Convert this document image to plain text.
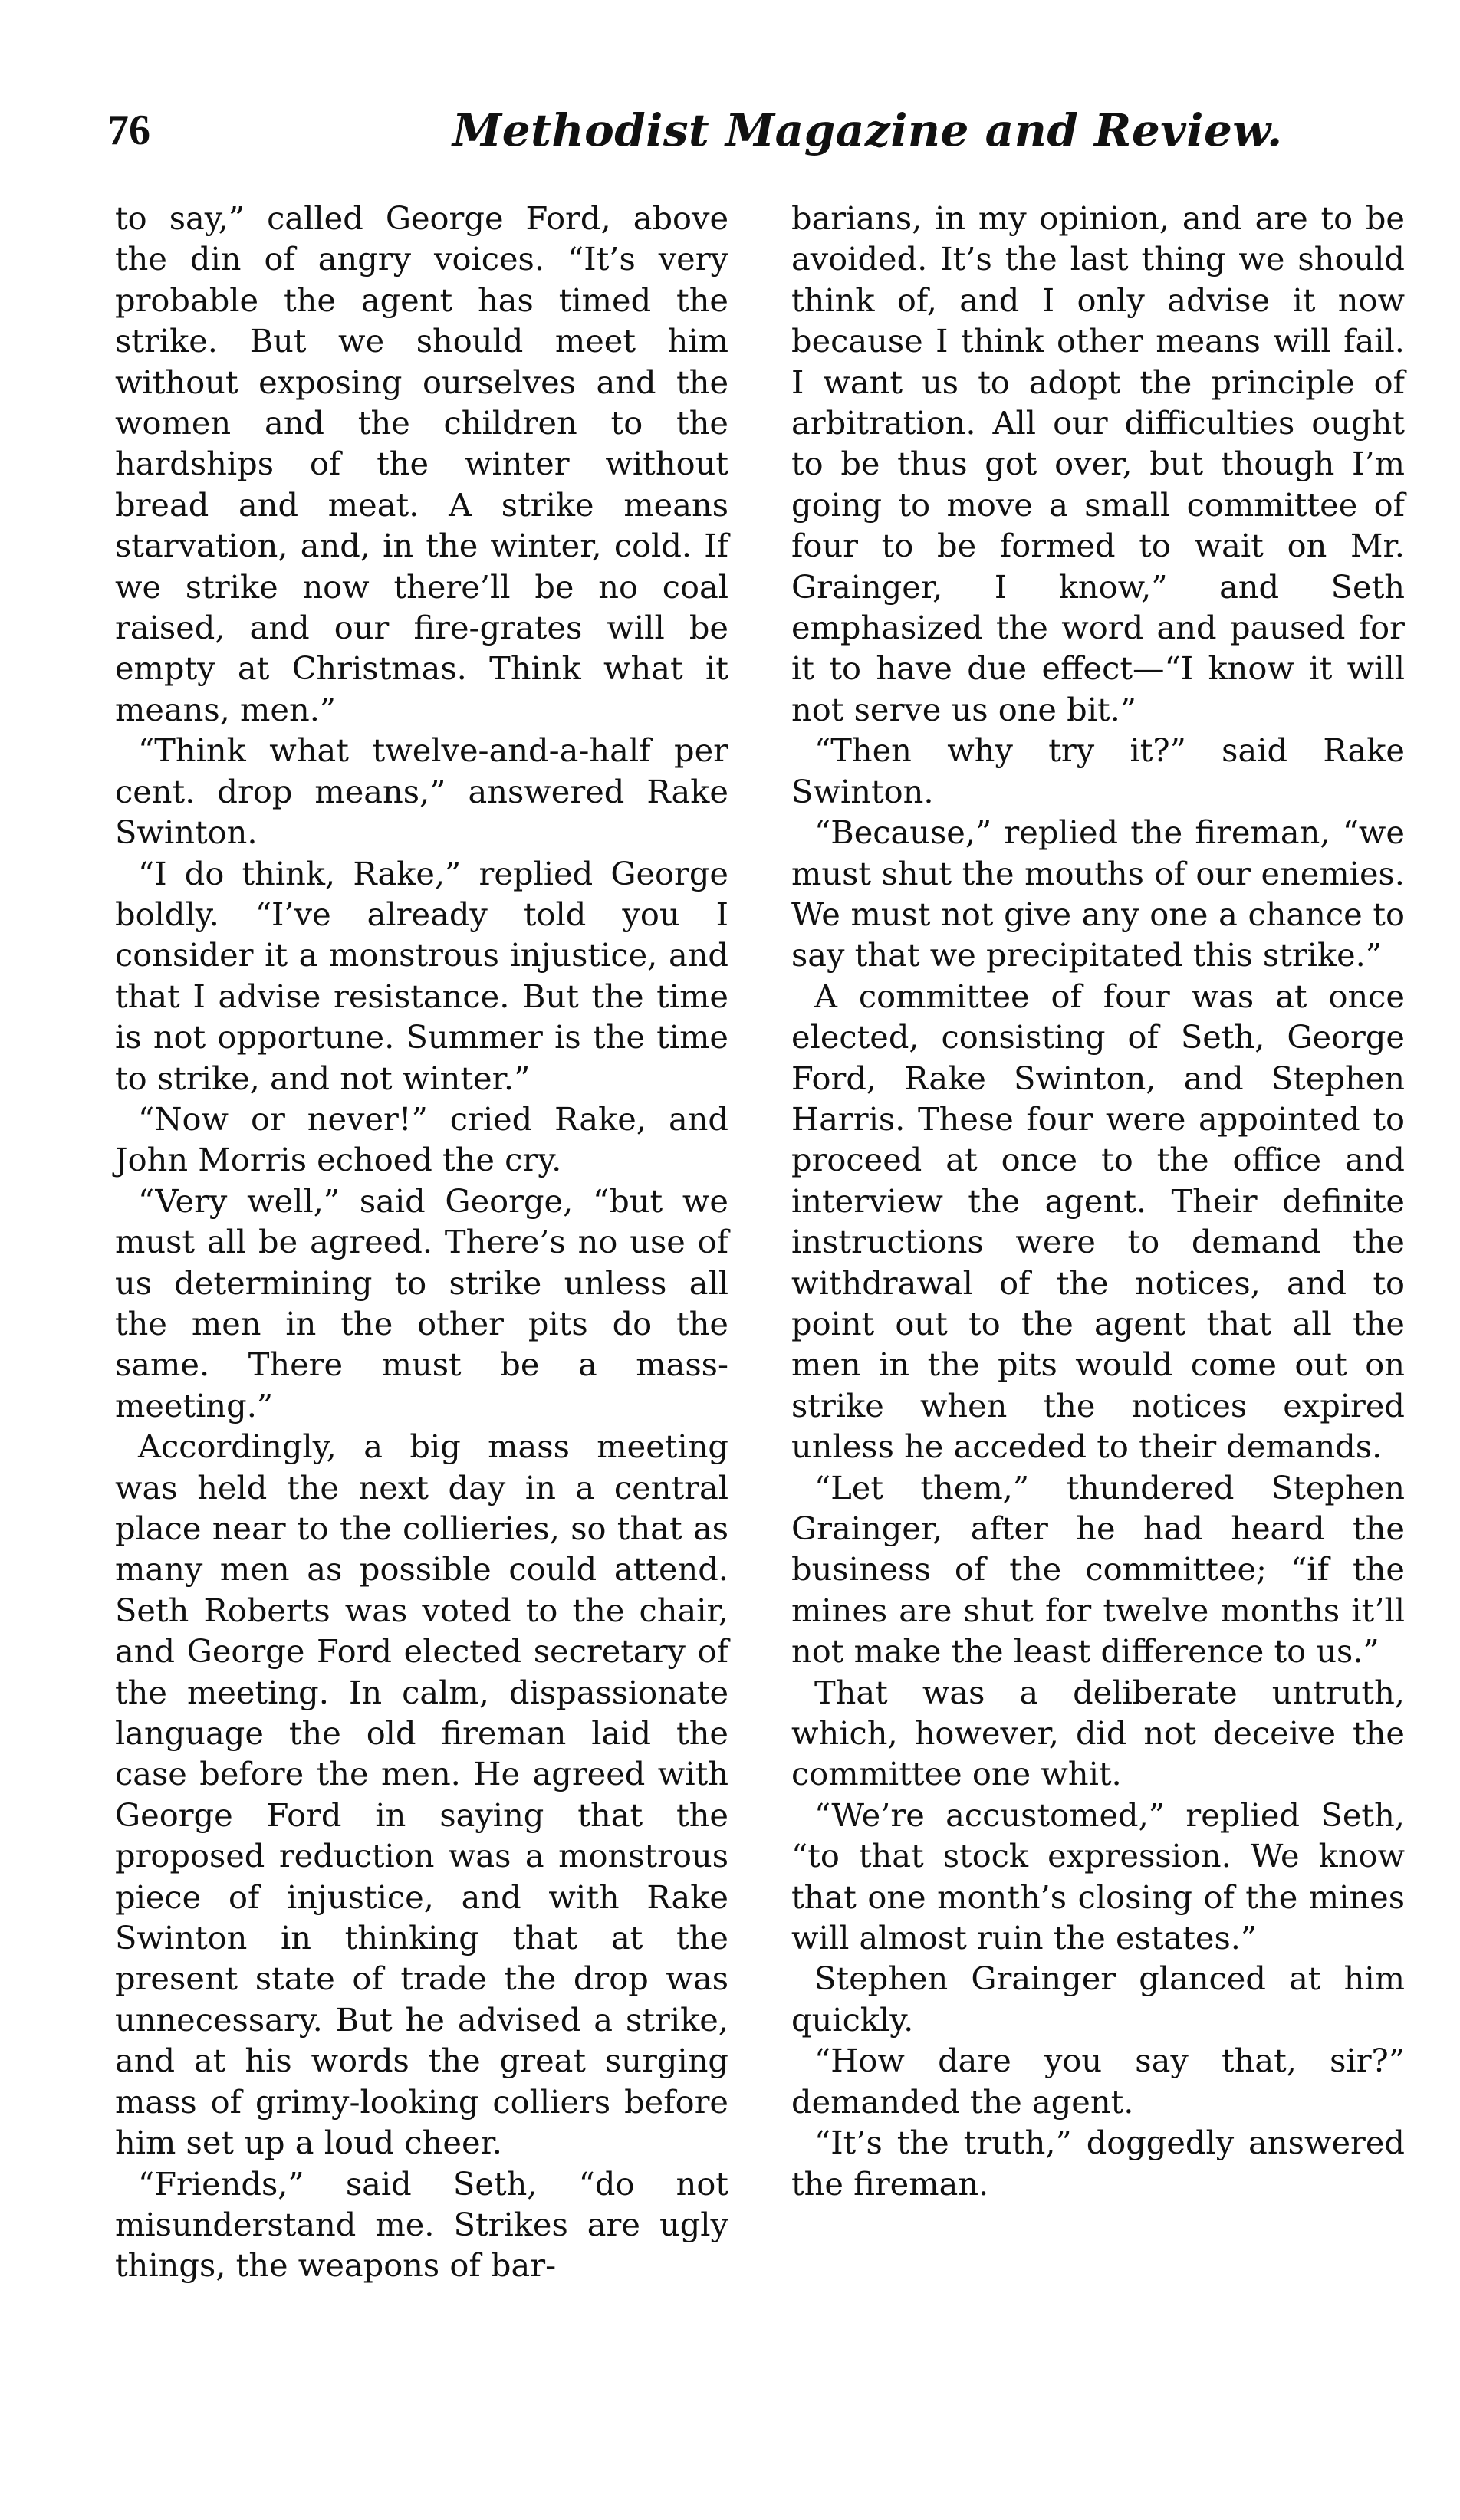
76	Methodist Magazine and Review.

to say,” called George Ford, above the din of angry voices. “It’s very probable the agent has timed the strike. But we should meet him without exposing ourselves and the women and the children to the hardships of the winter without bread and meat. A strike means starvation, and, in the winter, cold. If we strike now there’ll be no coal raised, and our fire-grates will be empty at Christmas. Think what it means, men.”

“Think what twelve-and-a-half per cent. drop means,” answered Rake Swinton.

“I do think, Rake,” replied George boldly. “I’ve already told you I consider it a monstrous injustice, and that I advise resistance. But the time is not opportune. Summer is the time to strike, and not winter.”

“Now or never!” cried Rake, and John Morris echoed the cry.

“Very well,” said George, “but we must all be agreed. There’s no use of us determining to strike unless all the men in the other pits do the same. There must be a mass-meeting.”

Accordingly, a big mass meeting was held the next day in a central place near to the collieries, so that as many men as possible could attend. Seth Roberts was voted to the chair, and George Ford elected secretary of the meeting. In calm, dispassionate language the old fireman laid the case before the men. He agreed with George Ford in saying that the proposed reduction was a monstrous piece of injustice, and with Rake Swinton in thinking that at the present state of trade the drop was unnecessary. But he advised a strike, and at his words the great surging mass of grimy-looking colliers before him set up a loud cheer.

“Friends,” said Seth, “do not misunderstand me. Strikes are ugly things, the weapons of bar-

barians, in my opinion, and are to be avoided. It’s the last thing we should think of, and I only advise it now because I think other means will fail. I want us to adopt the principle of arbitration. All our difficulties ought to be thus got over, but though I’m going to move a small committee of four to be formed to wait on Mr. Grainger, I know,” and Seth emphasized the word and paused for it to have due effect—“I know it will not serve us one bit.”

“Then why try it?” said Rake Swinton.

“Because,” replied the fireman, “we must shut the mouths of our enemies. We must not give any one a chance to say that we precipitated this strike.”

A committee of four was at once elected, consisting of Seth, George Ford, Rake Swinton, and Stephen Harris. These four were appointed to proceed at once to the office and interview the agent. Their definite instructions were to demand the withdrawal of the notices, and to point out to the agent that all the men in the pits would come out on strike when the notices expired unless he acceded to their demands.

“Let them,” thundered Stephen Grainger, after he had heard the business of the committee; “if the mines are shut for twelve months it’ll not make the least difference to us.”

That was a deliberate untruth, which, however, did not deceive the committee one whit.

“We’re accustomed,” replied Seth, “to that stock expression. We know that one month’s closing of the mines will almost ruin the estates.”

Stephen Grainger glanced at him quickly.

“How dare you say that, sir?” demanded the agent.

“It’s the truth,” doggedly answered the fireman.
